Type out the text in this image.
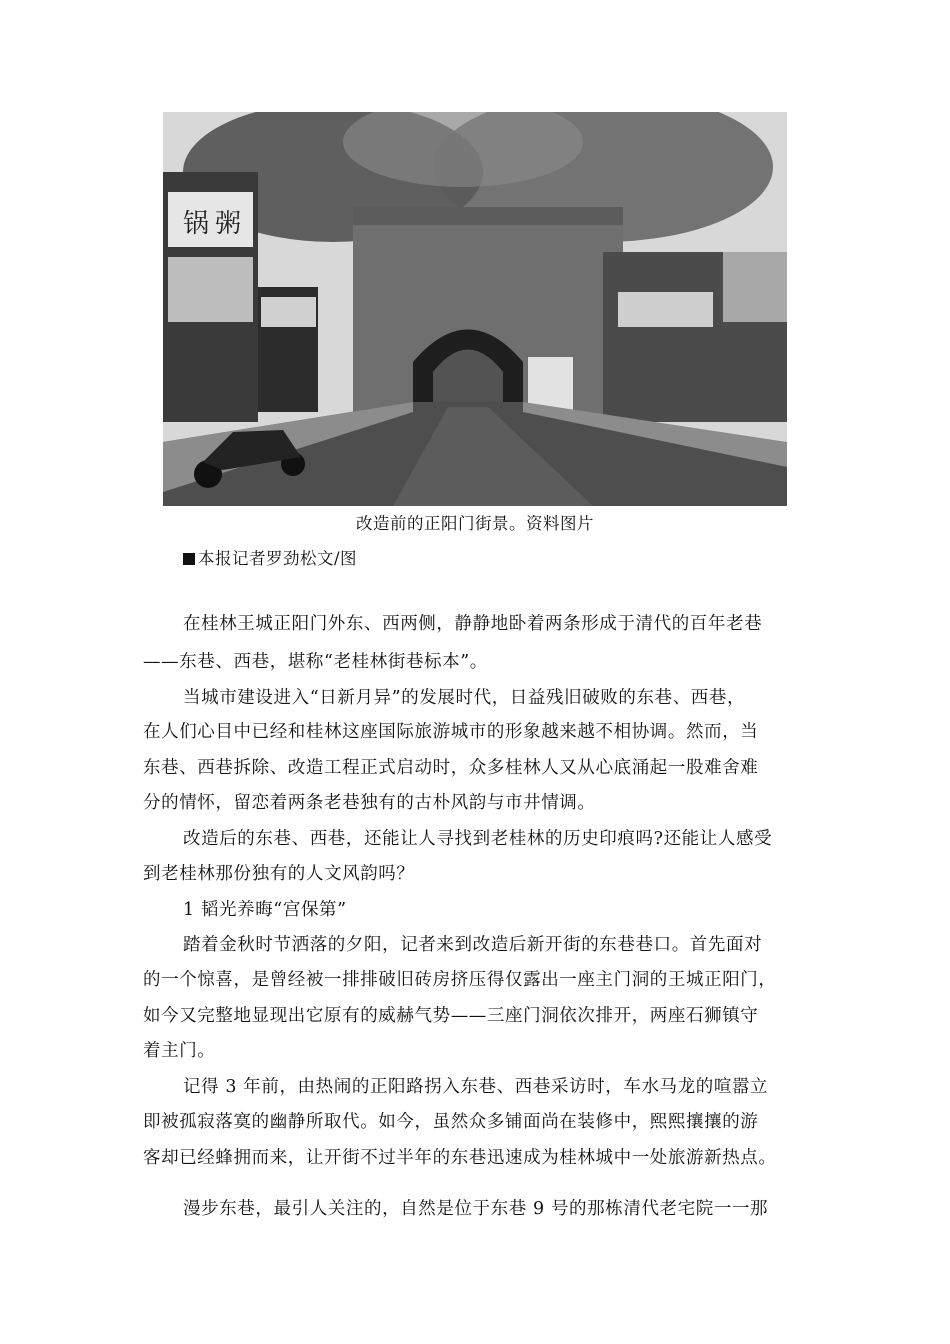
锅 粥
改造前的正阳门街景。资料图片
本报记者罗劲松文/图
在桂林王城正阳门外东、西两侧，静静地卧着两条形成于清代的百年老巷
——东巷、西巷，堪称“老桂林街巷标本”。
当城市建设进入“日新月异”的发展时代，日益残旧破败的东巷、西巷，
在人们心目中已经和桂林这座国际旅游城市的形象越来越不相协调。然而，当
东巷、西巷拆除、改造工程正式启动时，众多桂林人又从心底涌起一股难舍难
分的情怀，留恋着两条老巷独有的古朴风韵与市井情调。
改造后的东巷、西巷，还能让人寻找到老桂林的历史印痕吗?还能让人感受
到老桂林那份独有的人文风韵吗？
1 韬光养晦“宫保第”
踏着金秋时节洒落的夕阳，记者来到改造后新开街的东巷巷口。首先面对
的一个惊喜，是曾经被一排排破旧砖房挤压得仅露出一座主门洞的王城正阳门，
如今又完整地显现出它原有的威赫气势——三座门洞依次排开，两座石狮镇守
着主门。
记得 3 年前，由热闹的正阳路拐入东巷、西巷采访时，车水马龙的喧嚣立
即被孤寂落寞的幽静所取代。如今，虽然众多铺面尚在装修中，熙熙攘攘的游
客却已经蜂拥而来，让开街不过半年的东巷迅速成为桂林城中一处旅游新热点。
漫步东巷，最引人关注的，自然是位于东巷 9 号的那栋清代老宅院一一那
